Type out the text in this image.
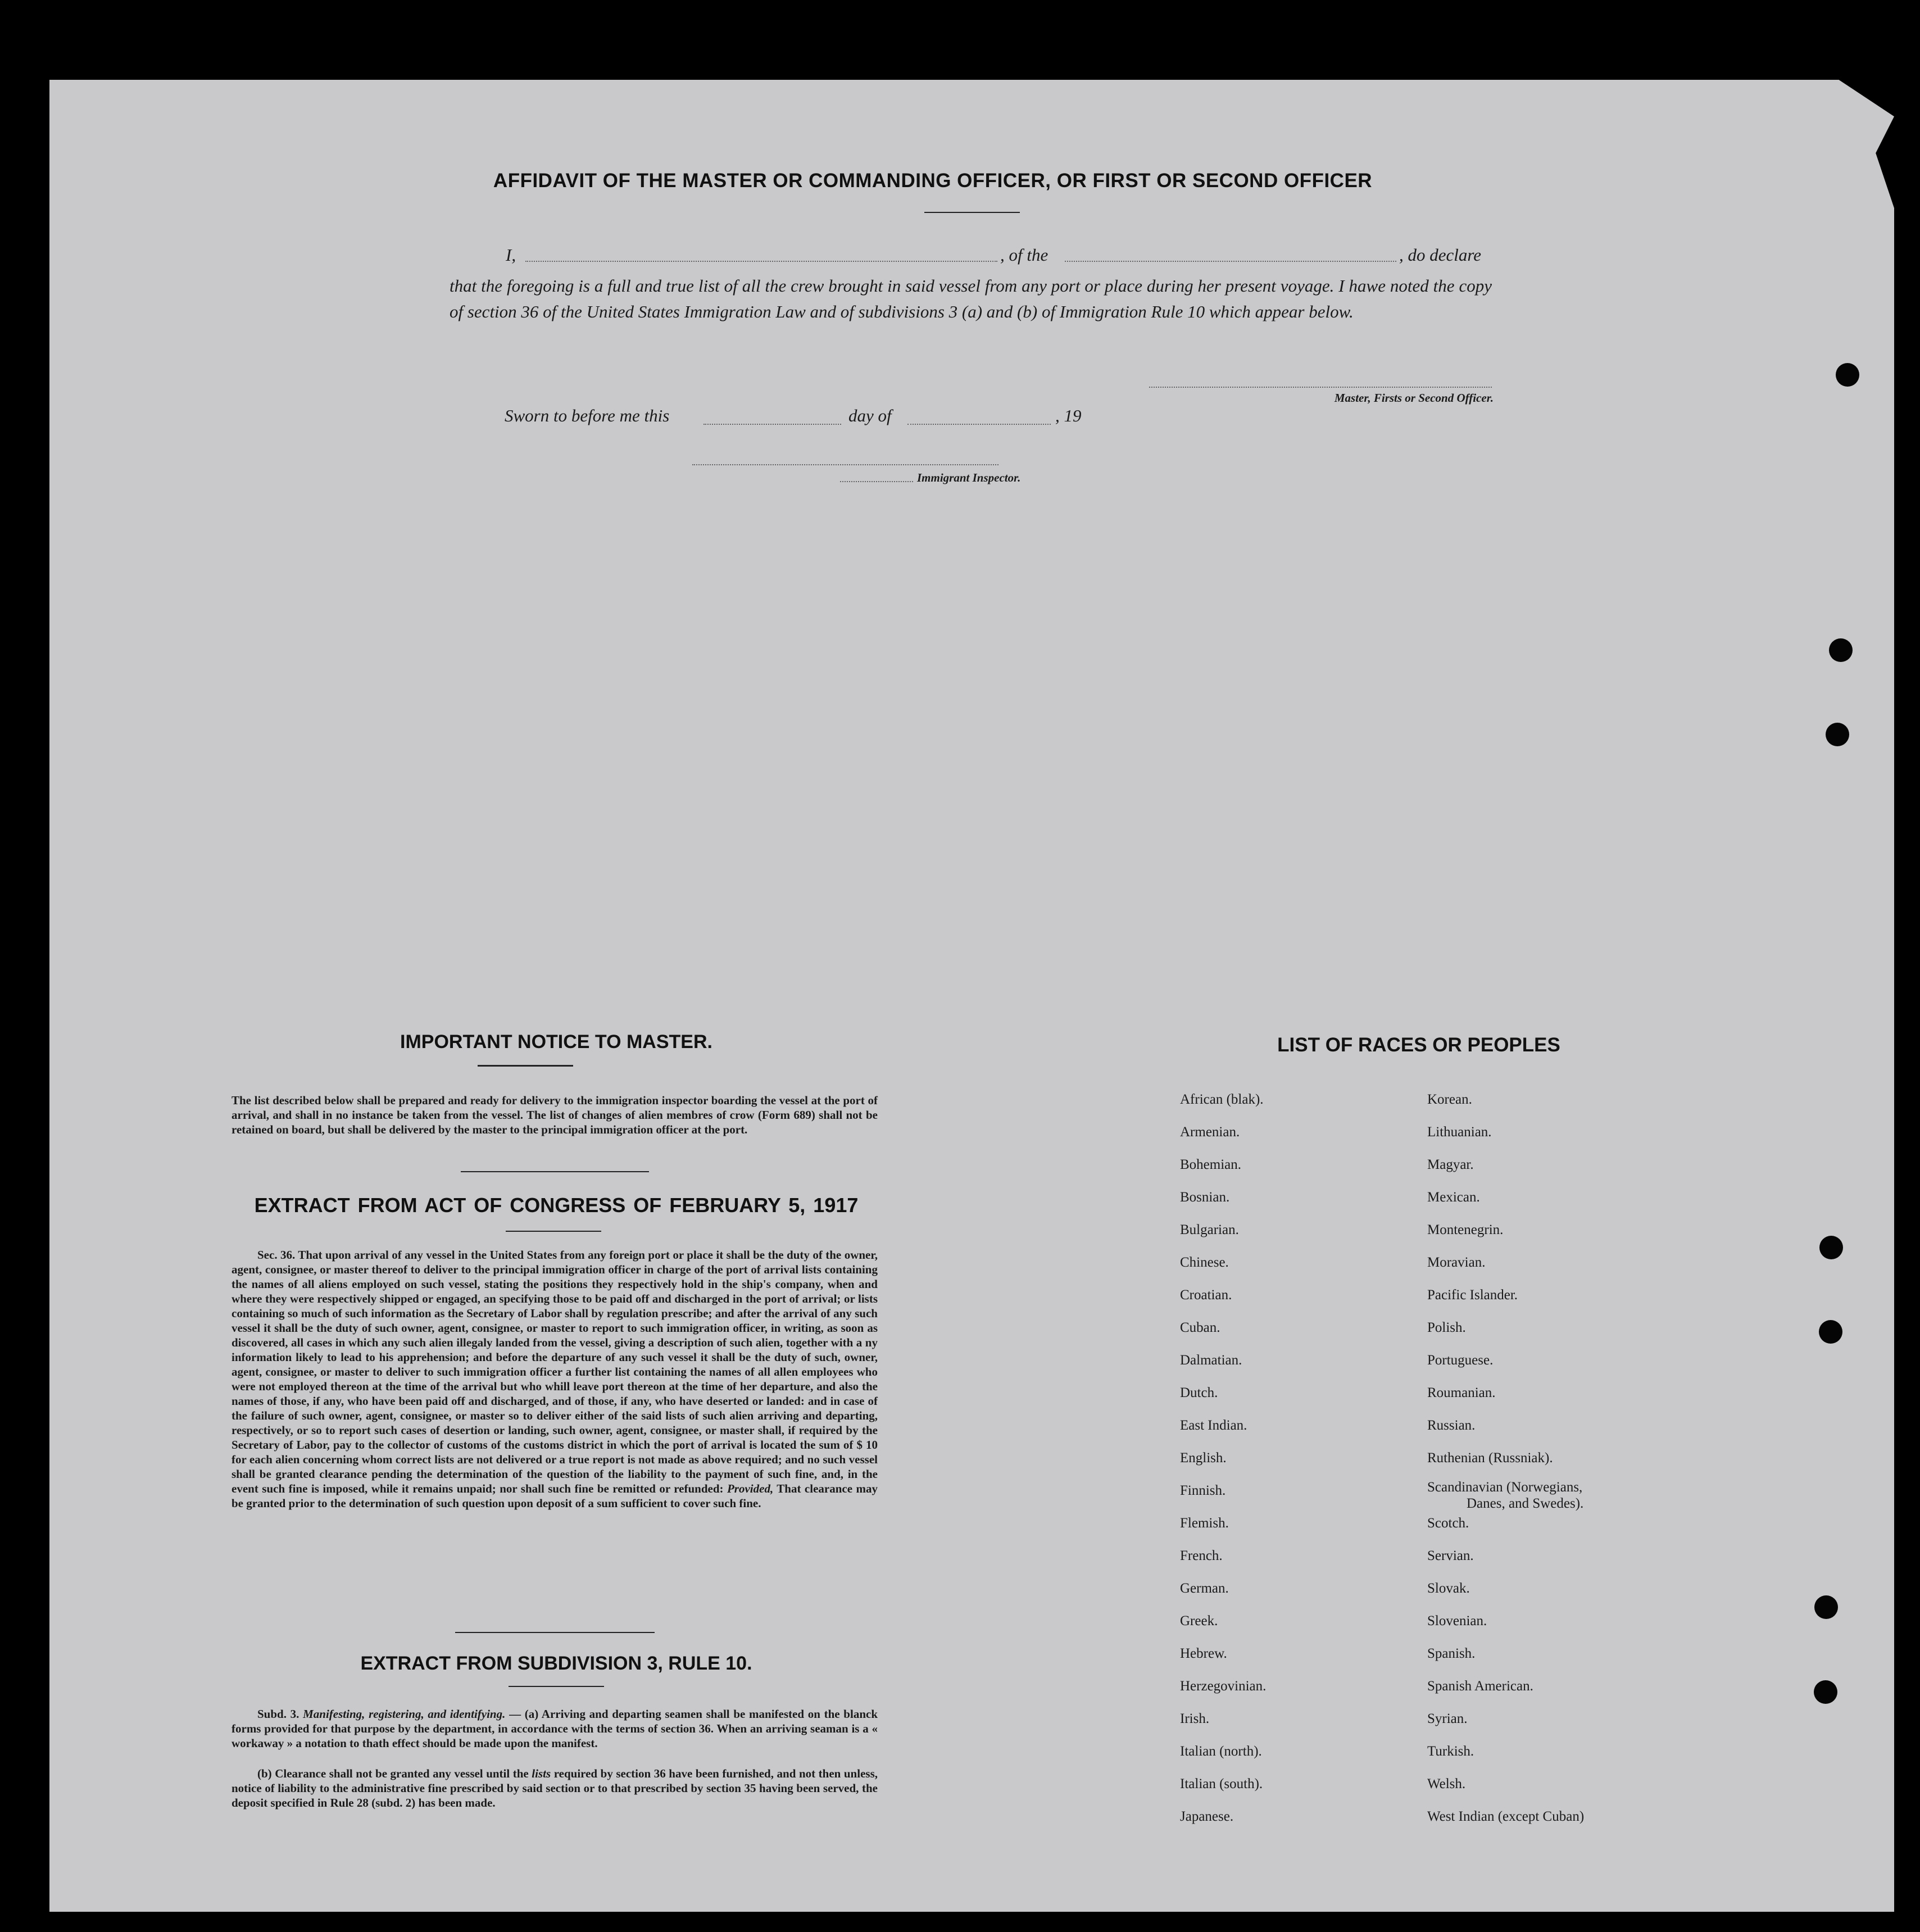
AFFIDAVIT OF THE MASTER OR COMMANDING OFFICER, OR FIRST OR SECOND OFFICER
I,	, of the	, do declare
that the foregoing is a full and true list of all the crew brought in said vessel from any port or place during her present voyage. I hawe noted the copy of section 36 of the United States Immigration Law and of subdivisions 3 (a) and (b) of Immigration Rule 10 which appear below.
Master, Firsts or Second Officer.
Sworn to before me this	day of	, 19
Immigrant Inspector.
IMPORTANT NOTICE TO MASTER.
The list described below shall be prepared and ready for delivery to the immigration inspector boarding the vessel at the port of arrival, and shall in no instance be taken from the vessel. The list of changes of alien membres of crow (Form 689) shall not be retained on board, but shall be delivered by the master to the principal immigration officer at the port.
EXTRACT FROM ACT OF CONGRESS OF FEBRUARY 5, 1917
Sec. 36. That upon arrival of any vessel in the United States from any foreign port or place it shall be the duty of the owner, agent, consignee, or master thereof to deliver to the principal immigration officer in charge of the port of arrival lists containing the names of all aliens employed on such vessel, stating the positions they respectively hold in the ship's company, when and where they were respectively shipped or engaged, an specifying those to be paid off and discharged in the port of arrival; or lists containing so much of such information as the Secretary of Labor shall by regulation prescribe; and after the arrival of any such vessel it shall be the duty of such owner, agent, consignee, or master to report to such immigration officer, in writing, as soon as discovered, all cases in which any such alien illegaly landed from the vessel, giving a description of such alien, together with a ny information likely to lead to his apprehension; and before the departure of any such vessel it shall be the duty of such, owner, agent, consignee, or master to deliver to such immigration officer a further list containing the names of all allen employees who were not employed thereon at the time of the arrival but who whill leave port thereon at the time of her departure, and also the names of those, if any, who have been paid off and discharged, and of those, if any, who have deserted or landed: and in case of the failure of such owner, agent, consignee, or master so to deliver either of the said lists of such alien arriving and departing, respectively, or so to report such cases of desertion or landing, such owner, agent, consignee, or master shall, if required by the Secretary of Labor, pay to the collector of customs of the customs district in which the port of arrival is located the sum of $ 10 for each alien concerning whom correct lists are not delivered or a true report is not made as above required; and no such vessel shall be granted clearance pending the determination of the question of the liability to the payment of such fine, and, in the event such fine is imposed, while it remains unpaid; nor shall such fine be remitted or refunded: Provided, That clearance may be granted prior to the determination of such question upon deposit of a sum sufficient to cover such fine.
EXTRACT FROM SUBDIVISION 3, RULE 10.
Subd. 3. Manifesting, registering, and identifying. — (a) Arriving and departing seamen shall be manifested on the blanck forms provided for that purpose by the department, in accordance with the terms of section 36. When an arriving seaman is a « workaway » a notation to thath effect should be made upon the manifest.
(b) Clearance shall not be granted any vessel until the lists required by section 36 have been furnished, and not then unless, notice of liability to the administrative fine prescribed by said section or to that prescribed by section 35 having been served, the deposit specified in Rule 28 (subd. 2) has been made.
LIST OF RACES OR PEOPLES
African (blak).
Armenian.
Bohemian.
Bosnian.
Bulgarian.
Chinese.
Croatian.
Cuban.
Dalmatian.
Dutch.
East Indian.
English.
Finnish.
Flemish.
French.
German.
Greek.
Hebrew.
Herzegovinian.
Irish.
Italian (north).
Italian (south).
Japanese.
Korean.
Lithuanian.
Magyar.
Mexican.
Montenegrin.
Moravian.
Pacific Islander.
Polish.
Portuguese.
Roumanian.
Russian.
Ruthenian (Russniak).
Scandinavian (Norwegians,
Danes, and Swedes).
Scotch.
Servian.
Slovak.
Slovenian.
Spanish.
Spanish American.
Syrian.
Turkish.
Welsh.
West Indian (except Cuban)
